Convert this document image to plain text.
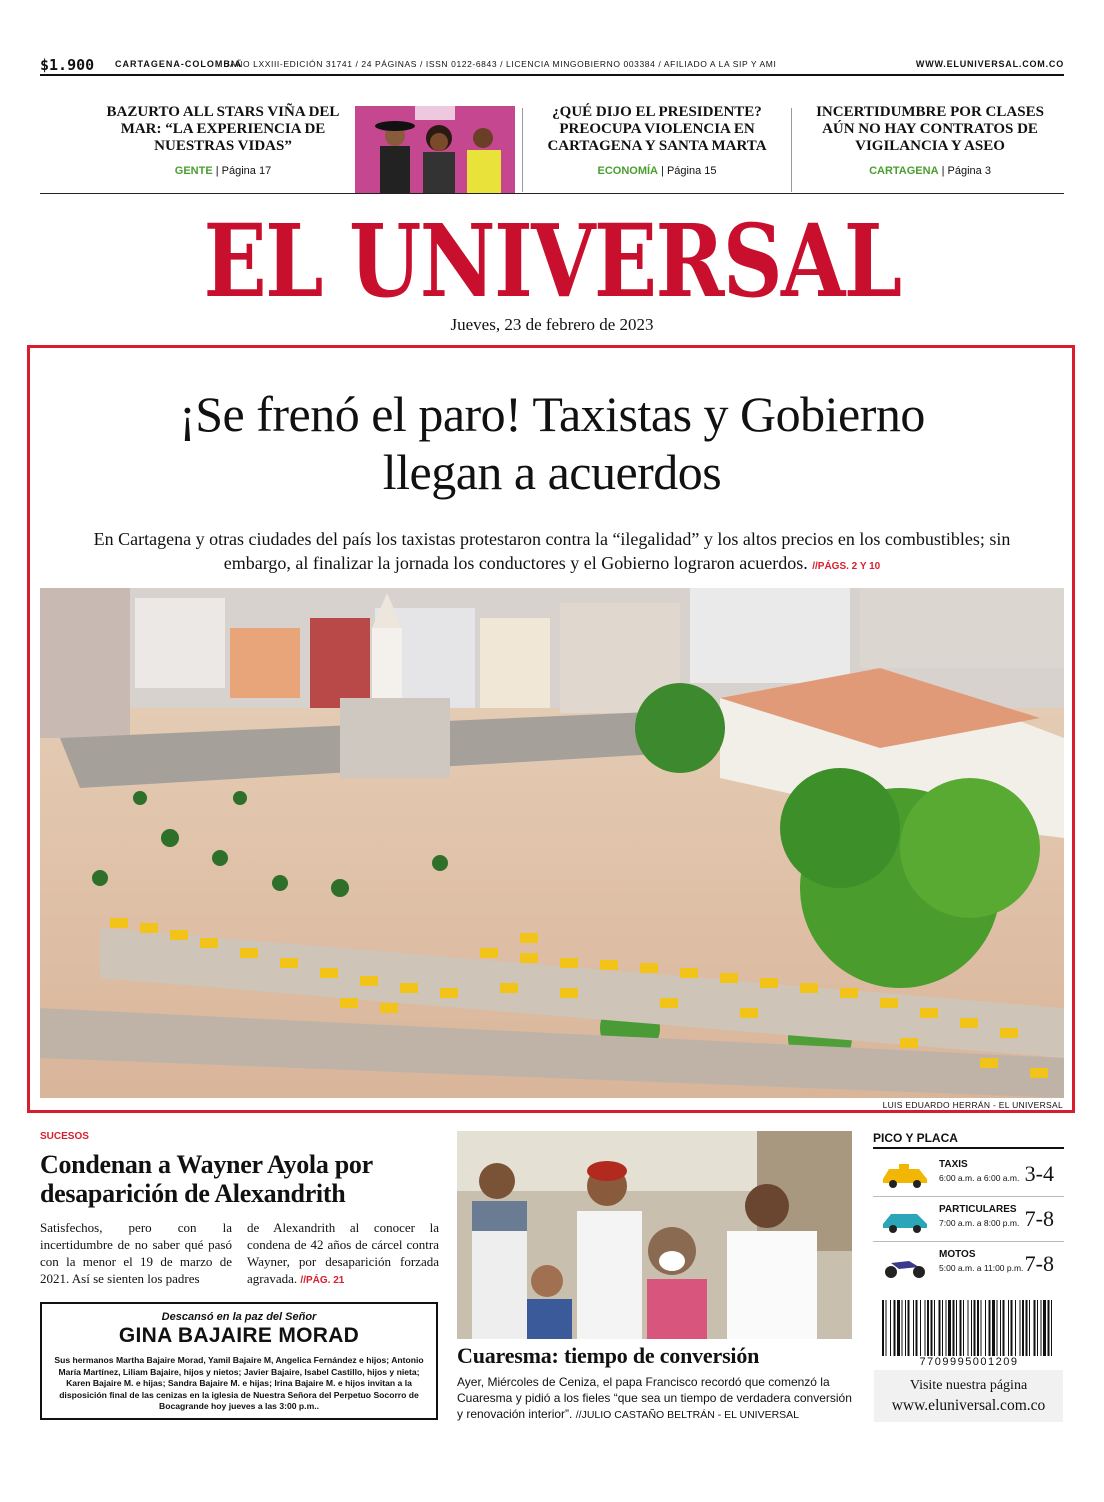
$1.900 CARTAGENA-COLOMBIA
/AÑO LXXIII-EDICIÓN 31741 / 24 PÁGINAS / ISSN 0122-6843 / LICENCIA MINGOBIERNO 003384 / AFILIADO A LA SIP Y AMI	WWW.ELUNIVERSAL.COM.CO
BAZURTO ALL STARS VIÑA DEL MAR: “LA EXPERIENCIA DE NUESTRAS VIDAS”
GENTE | Página 17
¿QUÉ DIJO EL PRESIDENTE? PREOCUPA VIOLENCIA EN CARTAGENA Y SANTA MARTA
ECONOMÍA | Página 15
INCERTIDUMBRE POR CLASES AÚN NO HAY CONTRATOS DE VIGILANCIA Y ASEO
CARTAGENA | Página 3
EL UNIVERSAL
Jueves, 23 de febrero de 2023
¡Se frenó el paro! Taxistas y Gobierno llegan a acuerdos
En Cartagena y otras ciudades del país los taxistas protestaron contra la “ilegalidad” y los altos precios en los combustibles; sin embargo, al finalizar la jornada los conductores y el Gobierno lograron acuerdos. //PÁGS. 2 Y 10
LUIS EDUARDO HERRÁN - EL UNIVERSAL
SUCESOS
Condenan a Wayner Ayola por desaparición de Alexandrith
Satisfechos, pero con la incertidumbre de no saber qué pasó con la menor el 19 de marzo de 2021. Así se sienten los padres
de Alexandrith al conocer la condena de 42 años de cárcel contra Wayner, por desaparición forzada agravada. //PÁG. 21
Descansó en la paz del Señor
GINA BAJAIRE MORAD
Sus hermanos Martha Bajaire Morad, Yamil Bajaire M, Angelica Fernández e hijos; Antonio María Martínez, Liliam Bajaire, hijos y nietos; Javier Bajaire, Isabel Castillo, hijos y nieta; Karen Bajaire M. e hijas; Sandra Bajaire M. e hijas; Irina Bajaire M. e hijos invitan a la disposición final de las cenizas en la iglesia de Nuestra Señora del Perpetuo Socorro de Bocagrande hoy jueves a las 3:00 p.m..
Cuaresma: tiempo de conversión
Ayer, Miércoles de Ceniza, el papa Francisco recordó que comenzó la Cuaresma y pidió a los fieles “que sea un tiempo de verdadera conversión y renovación interior”. //JULIO CASTAÑO BELTRÁN - EL UNIVERSAL
PICO Y PLACA
TAXIS
6:00 a.m. a 6:00 a.m. 3-4
PARTICULARES
7:00 a.m. a 8:00 p.m. 7-8
MOTOS
5:00 a.m. a 11:00 p.m. 7-8
7709995001209
Visite nuestra página
www.eluniversal.com.co
